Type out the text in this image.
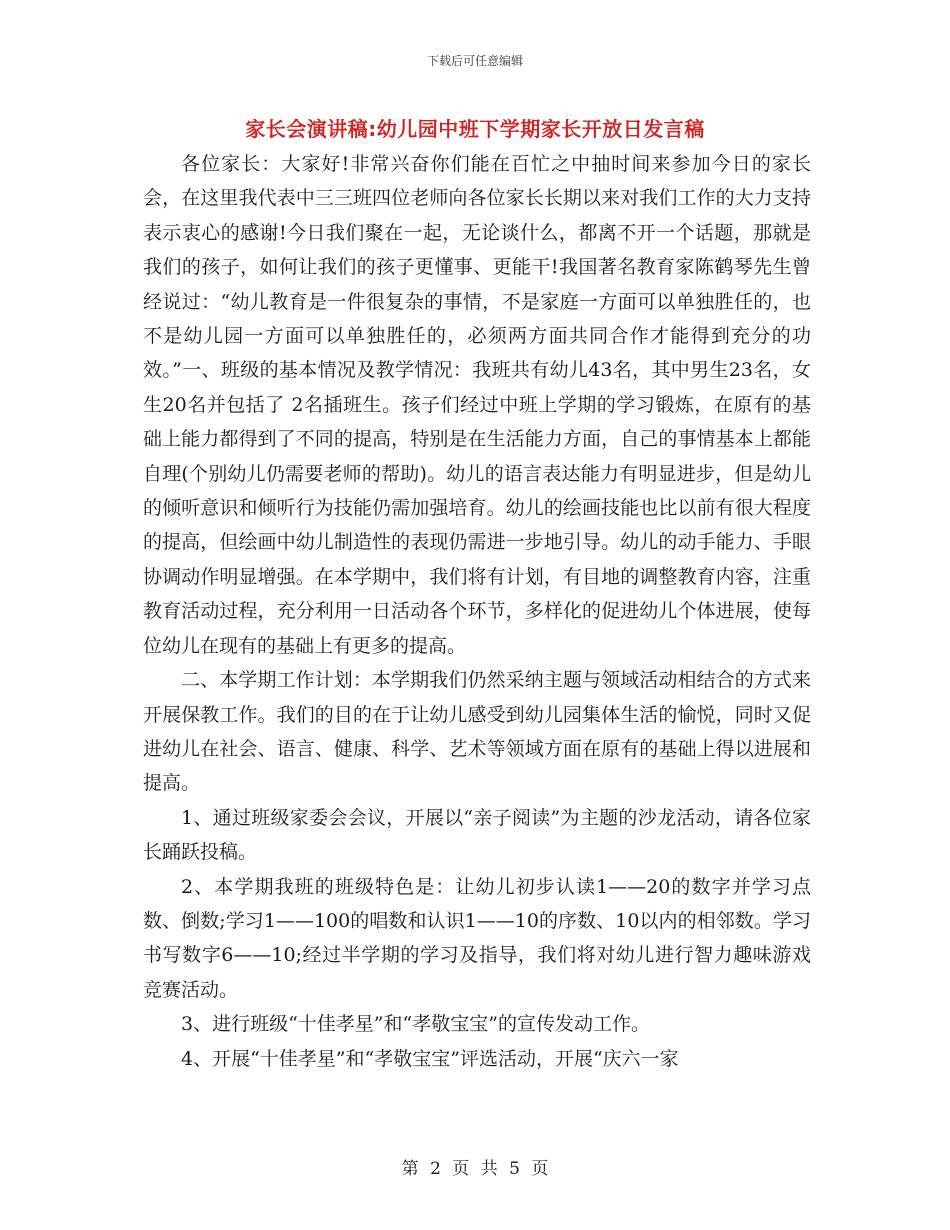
下载后可任意编辑
家长会演讲稿:幼儿园中班下学期家长开放日发言稿

各位家长：大家好!非常兴奋你们能在百忙之中抽时间来参加今日的家长会，在这里我代表中三三班四位老师向各位家长长期以来对我们工作的大力支持表示衷心的感谢!今日我们聚在一起，无论谈什么，都离不开一个话题，那就是我们的孩子，如何让我们的孩子更懂事、更能干!我国著名教育家陈鹤琴先生曾经说过：“幼儿教育是一件很复杂的事情，不是家庭一方面可以单独胜任的，也不是幼儿园一方面可以单独胜任的，必须两方面共同合作才能得到充分的功效。”一、班级的基本情况及教学情况：我班共有幼儿43名，其中男生23名，女生20名并包括了 2名插班生。孩子们经过中班上学期的学习锻炼，在原有的基础上能力都得到了不同的提高，特别是在生活能力方面，自己的事情基本上都能自理(个别幼儿仍需要老师的帮助)。幼儿的语言表达能力有明显进步，但是幼儿的倾听意识和倾听行为技能仍需加强培育。幼儿的绘画技能也比以前有很大程度的提高，但绘画中幼儿制造性的表现仍需进一步地引导。幼儿的动手能力、手眼协调动作明显增强。在本学期中，我们将有计划，有目地的调整教育内容，注重教育活动过程，充分利用一日活动各个环节，多样化的促进幼儿个体进展，使每位幼儿在现有的基础上有更多的提高。

二、本学期工作计划：本学期我们仍然采纳主题与领域活动相结合的方式来开展保教工作。我们的目的在于让幼儿感受到幼儿园集体生活的愉悦，同时又促进幼儿在社会、语言、健康、科学、艺术等领域方面在原有的基础上得以进展和提高。

1、通过班级家委会会议，开展以“亲子阅读”为主题的沙龙活动，请各位家长踊跃投稿。

2、本学期我班的班级特色是：让幼儿初步认读1——20的数字并学习点数、倒数;学习1——100的唱数和认识1——10的序数、10以内的相邻数。学习书写数字6——10;经过半学期的学习及指导，我们将对幼儿进行智力趣味游戏竞赛活动。

3、进行班级“十佳孝星”和“孝敬宝宝”的宣传发动工作。

4、开展“十佳孝星”和“孝敬宝宝”评选活动，开展“庆六一家

第 2 页 共 5 页
